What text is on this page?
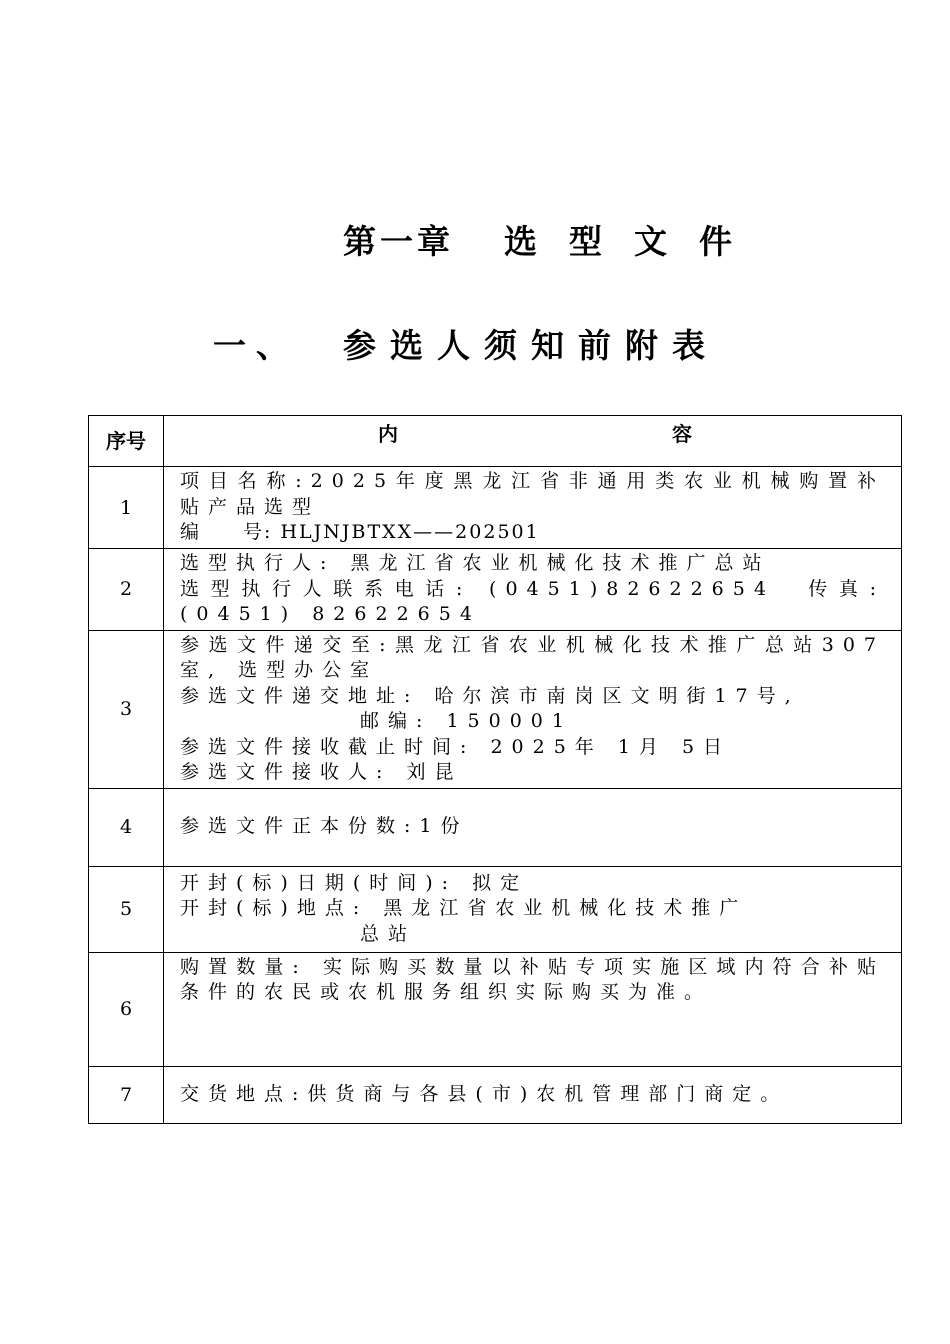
第一章 选型文件
一、 参选人须知前附表
序号	内 容

1	项目名称:2025年度黑龙江省非通用类农业机械购置补贴产品选型
编　　号: HLJNJBTXX——202501

2	选型执行人: 黑龙江省农业机械化技术推广总站
选型执行人联系电话: (0451)82622654　传真:(0451) 82622654

3	参选文件递交至:黑龙江省农业机械化技术推广总站307室, 选型办公室
参选文件递交地址: 哈尔滨市南岗区文明街17号,
邮编: 150001
参选文件接收截止时间: 2025年 1月 5日
参选文件接收人: 刘昆

4	参选文件正本份数:1份

5	开封(标)日期(时间): 拟定
开封(标)地点: 黑龙江省农业机械化技术推广
总站

6	购置数量: 实际购买数量以补贴专项实施区域内符合补贴条件的农民或农机服务组织实际购买为准。

7	交货地点:供货商与各县(市)农机管理部门商定。
